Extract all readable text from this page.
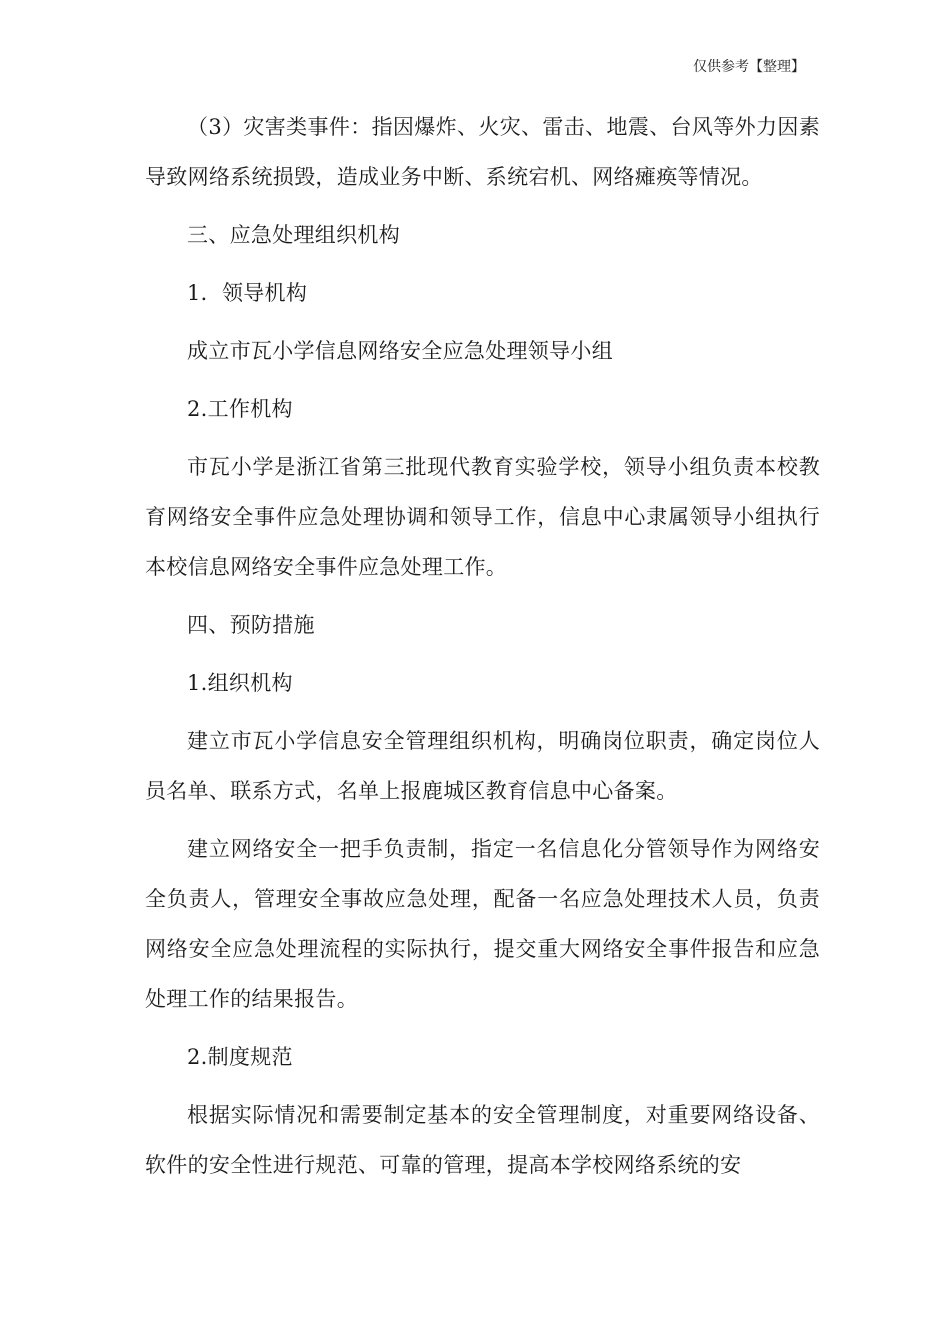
仅供参考【整理】

（3）灾害类事件：指因爆炸、火灾、雷击、地震、台风等外力因素导致网络系统损毁，造成业务中断、系统宕机、网络瘫痪等情况。

三、应急处理组织机构

1．领导机构

成立市瓦小学信息网络安全应急处理领导小组

2.工作机构

市瓦小学是浙江省第三批现代教育实验学校，领导小组负责本校教育网络安全事件应急处理协调和领导工作，信息中心隶属领导小组执行本校信息网络安全事件应急处理工作。

四、预防措施

1.组织机构

建立市瓦小学信息安全管理组织机构，明确岗位职责，确定岗位人员名单、联系方式，名单上报鹿城区教育信息中心备案。

建立网络安全一把手负责制，指定一名信息化分管领导作为网络安全负责人，管理安全事故应急处理，配备一名应急处理技术人员，负责网络安全应急处理流程的实际执行，提交重大网络安全事件报告和应急处理工作的结果报告。

2.制度规范

根据实际情况和需要制定基本的安全管理制度，对重要网络设备、软件的安全性进行规范、可靠的管理，提高本学校网络系统的安
